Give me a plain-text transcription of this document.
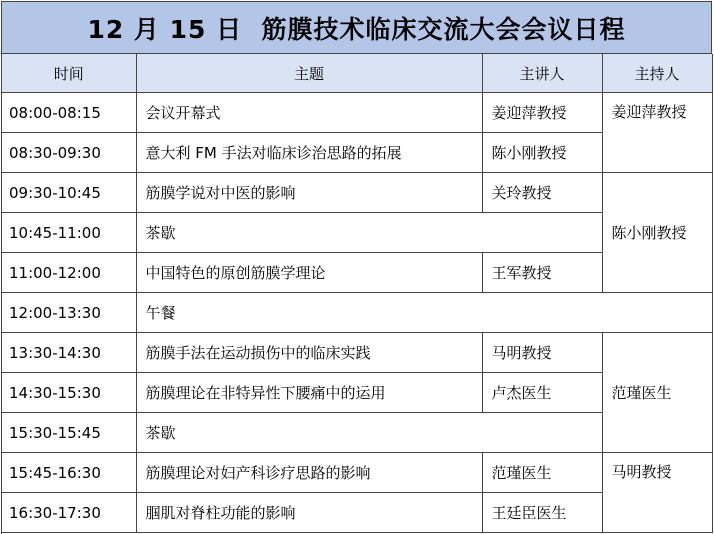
12 月 15 日  筋膜技术临床交流大会会议日程
时间	主题	主讲人	主持人
08:00-08:15	会议开幕式	姜迎萍教授	姜迎萍教授
08:30-09:30	意大利 FM 手法对临床诊治思路的拓展	陈小刚教授	
09:30-10:45	筋膜学说对中医的影响	关玲教授	陈小刚教授
10:45-11:00	茶歇		
11:00-12:00	中国特色的原创筋膜学理论	王军教授	
12:00-13:30	午餐		
13:30-14:30	筋膜手法在运动损伤中的临床实践	马明教授	范瑾医生
14:30-15:30	筋膜理论在非特异性下腰痛中的运用	卢杰医生	
15:30-15:45	茶歇		
15:45-16:30	筋膜理论对妇产科诊疗思路的影响	范瑾医生	马明教授
16:30-17:30	腘肌对脊柱功能的影响	王廷臣医生	
